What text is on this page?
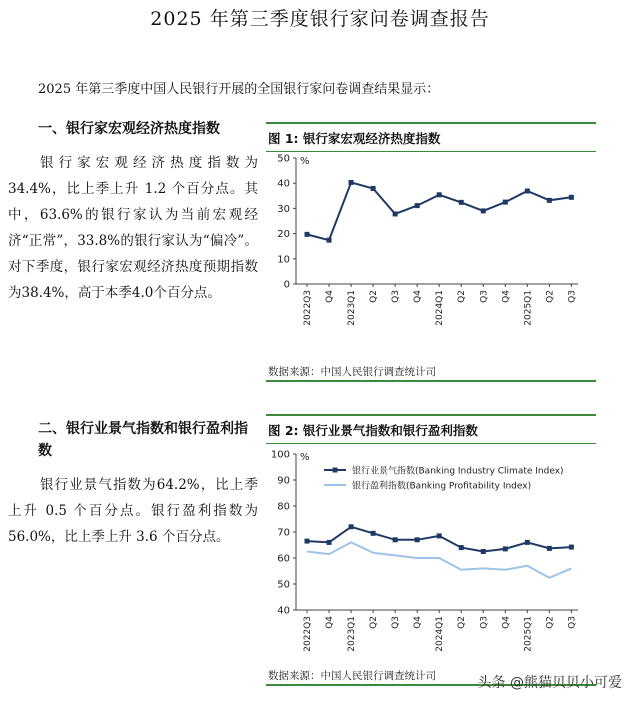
2025 年第三季度银行家问卷调查报告
2025 年第三季度中国人民银行开展的全国银行家问卷调查结果显示：
一、银行家宏观经济热度指数
银行家宏观经济热度指数为34.4%，比上季上升 1.2 个百分点。其中，63.6%的银行家认为当前宏观经济“正常”，33.8%的银行家认为“偏冷”。对下季度，银行家宏观经济热度预期指数为38.4%，高于本季4.0个百分点。
二、银行业景气指数和银行盈利指数
银行业景气指数为64.2%，比上季上升 0.5 个百分点。银行盈利指数为56.0%，比上季上升 3.6 个百分点。
图 1: 银行家宏观经济热度指数
0
10
20
30
40
50 %
2022Q3 Q4 2023Q1 Q2 Q3 Q4 2024Q1 Q2 Q3 Q4 2025Q1 Q2 Q3
数据来源：中国人民银行调查统计司
图 2: 银行业景气指数和银行盈利指数
40
50
60
70
80
90
100 %
2022Q3 Q4 2023Q1 Q2 Q3 Q4 2024Q1 Q2 Q3 Q4 2025Q1 Q2 Q3
银行业景气指数(Banking Industry Climate Index)
银行盈利指数(Banking Profitability Index)
数据来源：中国人民银行调查统计司	头条 @熊猫贝贝小可爱
